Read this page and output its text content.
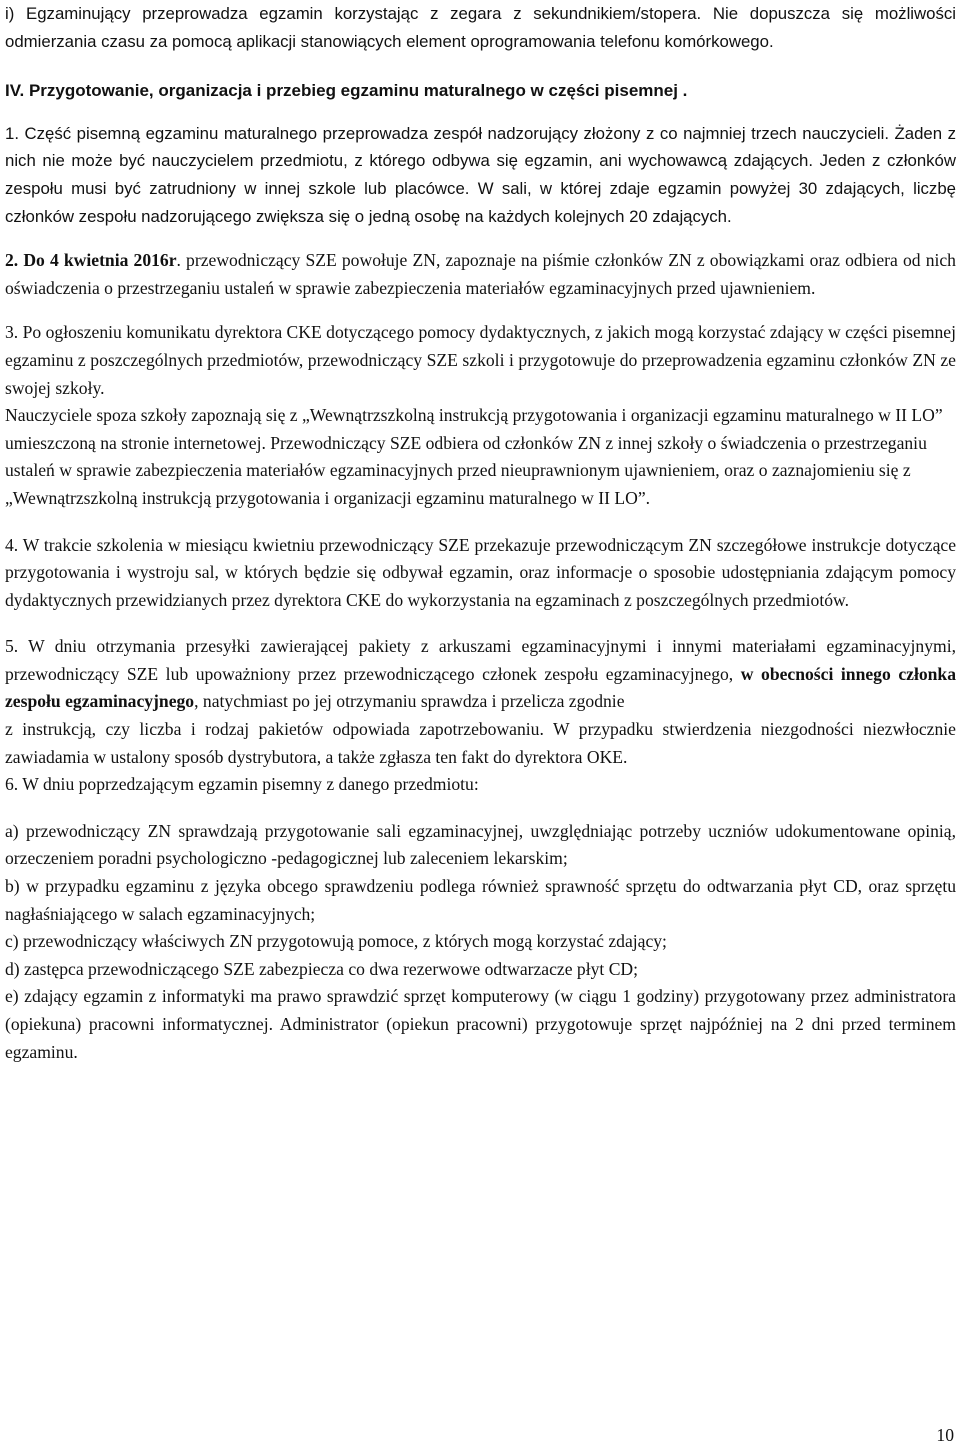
i) Egzaminujący przeprowadza egzamin korzystając z zegara z sekundnikiem/stopera. Nie dopuszcza się możliwości odmierzania czasu za pomocą aplikacji stanowiących element oprogramowania telefonu komórkowego.

IV. Przygotowanie, organizacja i przebieg egzaminu maturalnego w części pisemnej .

1. Część pisemną egzaminu maturalnego przeprowadza zespół nadzorujący złożony z co najmniej trzech nauczycieli. Żaden z nich nie może być nauczycielem przedmiotu, z którego odbywa się egzamin, ani wychowawcą zdających. Jeden z członków zespołu musi być zatrudniony w innej szkole lub placówce. W sali, w której zdaje egzamin powyżej 30 zdających, liczbę członków zespołu nadzorującego zwiększa się o jedną osobę na każdych kolejnych 20 zdających.

2. Do 4 kwietnia 2016r. przewodniczący SZE powołuje ZN, zapoznaje na piśmie członków ZN z obowiązkami oraz odbiera od nich oświadczenia o przestrzeganiu ustaleń w sprawie zabezpieczenia materiałów egzaminacyjnych przed ujawnieniem.

3. Po ogłoszeniu komunikatu dyrektora CKE dotyczącego pomocy dydaktycznych, z jakich mogą korzystać zdający w części pisemnej egzaminu z poszczególnych przedmiotów, przewodniczący SZE szkoli i przygotowuje do przeprowadzenia egzaminu członków ZN ze swojej szkoły.

Nauczyciele spoza szkoły zapoznają się z „Wewnątrzszkolną instrukcją przygotowania i organizacji egzaminu maturalnego w II LO” umieszczoną na stronie internetowej. Przewodniczący SZE odbiera od członków ZN z innej szkoły o świadczenia o przestrzeganiu ustaleń w sprawie zabezpieczenia materiałów egzaminacyjnych przed nieuprawnionym ujawnieniem, oraz o zaznajomieniu się z „Wewnątrzszkolną instrukcją przygotowania i organizacji egzaminu maturalnego w II LO”.

4. W trakcie szkolenia w miesiącu kwietniu przewodniczący SZE przekazuje przewodniczącym ZN szczegółowe instrukcje dotyczące przygotowania i wystroju sal, w których będzie się odbywał egzamin, oraz informacje o sposobie udostępniania zdającym pomocy dydaktycznych przewidzianych przez dyrektora CKE do wykorzystania na egzaminach z poszczególnych przedmiotów.

5. W dniu otrzymania przesyłki zawierającej pakiety z arkuszami egzaminacyjnymi i innymi materiałami egzaminacyjnymi, przewodniczący SZE lub upoważniony przez przewodniczącego członek zespołu egzaminacyjnego, w obecności innego członka zespołu egzaminacyjnego, natychmiast po jej otrzymaniu sprawdza i przelicza zgodnie

z instrukcją, czy liczba i rodzaj pakietów odpowiada zapotrzebowaniu. W przypadku stwierdzenia niezgodności niezwłocznie zawiadamia w ustalony sposób dystrybutora, a także zgłasza ten fakt do dyrektora OKE.

6. W dniu poprzedzającym egzamin pisemny z danego przedmiotu:

a) przewodniczący ZN sprawdzają przygotowanie sali egzaminacyjnej, uwzględniając potrzeby uczniów udokumentowane opinią, orzeczeniem poradni psychologiczno -pedagogicznej lub zaleceniem lekarskim;

b) w przypadku egzaminu z języka obcego sprawdzeniu podlega również sprawność sprzętu do odtwarzania płyt CD, oraz sprzętu nagłaśniającego w salach egzaminacyjnych;

c) przewodniczący właściwych ZN przygotowują pomoce, z których mogą korzystać zdający;

d) zastępca przewodniczącego SZE zabezpiecza co dwa rezerwowe odtwarzacze płyt CD;

e) zdający egzamin z informatyki ma prawo sprawdzić sprzęt komputerowy (w ciągu 1 godziny) przygotowany przez administratora (opiekuna) pracowni informatycznej. Administrator (opiekun pracowni) przygotowuje sprzęt najpóźniej na 2 dni przed terminem egzaminu.

10
